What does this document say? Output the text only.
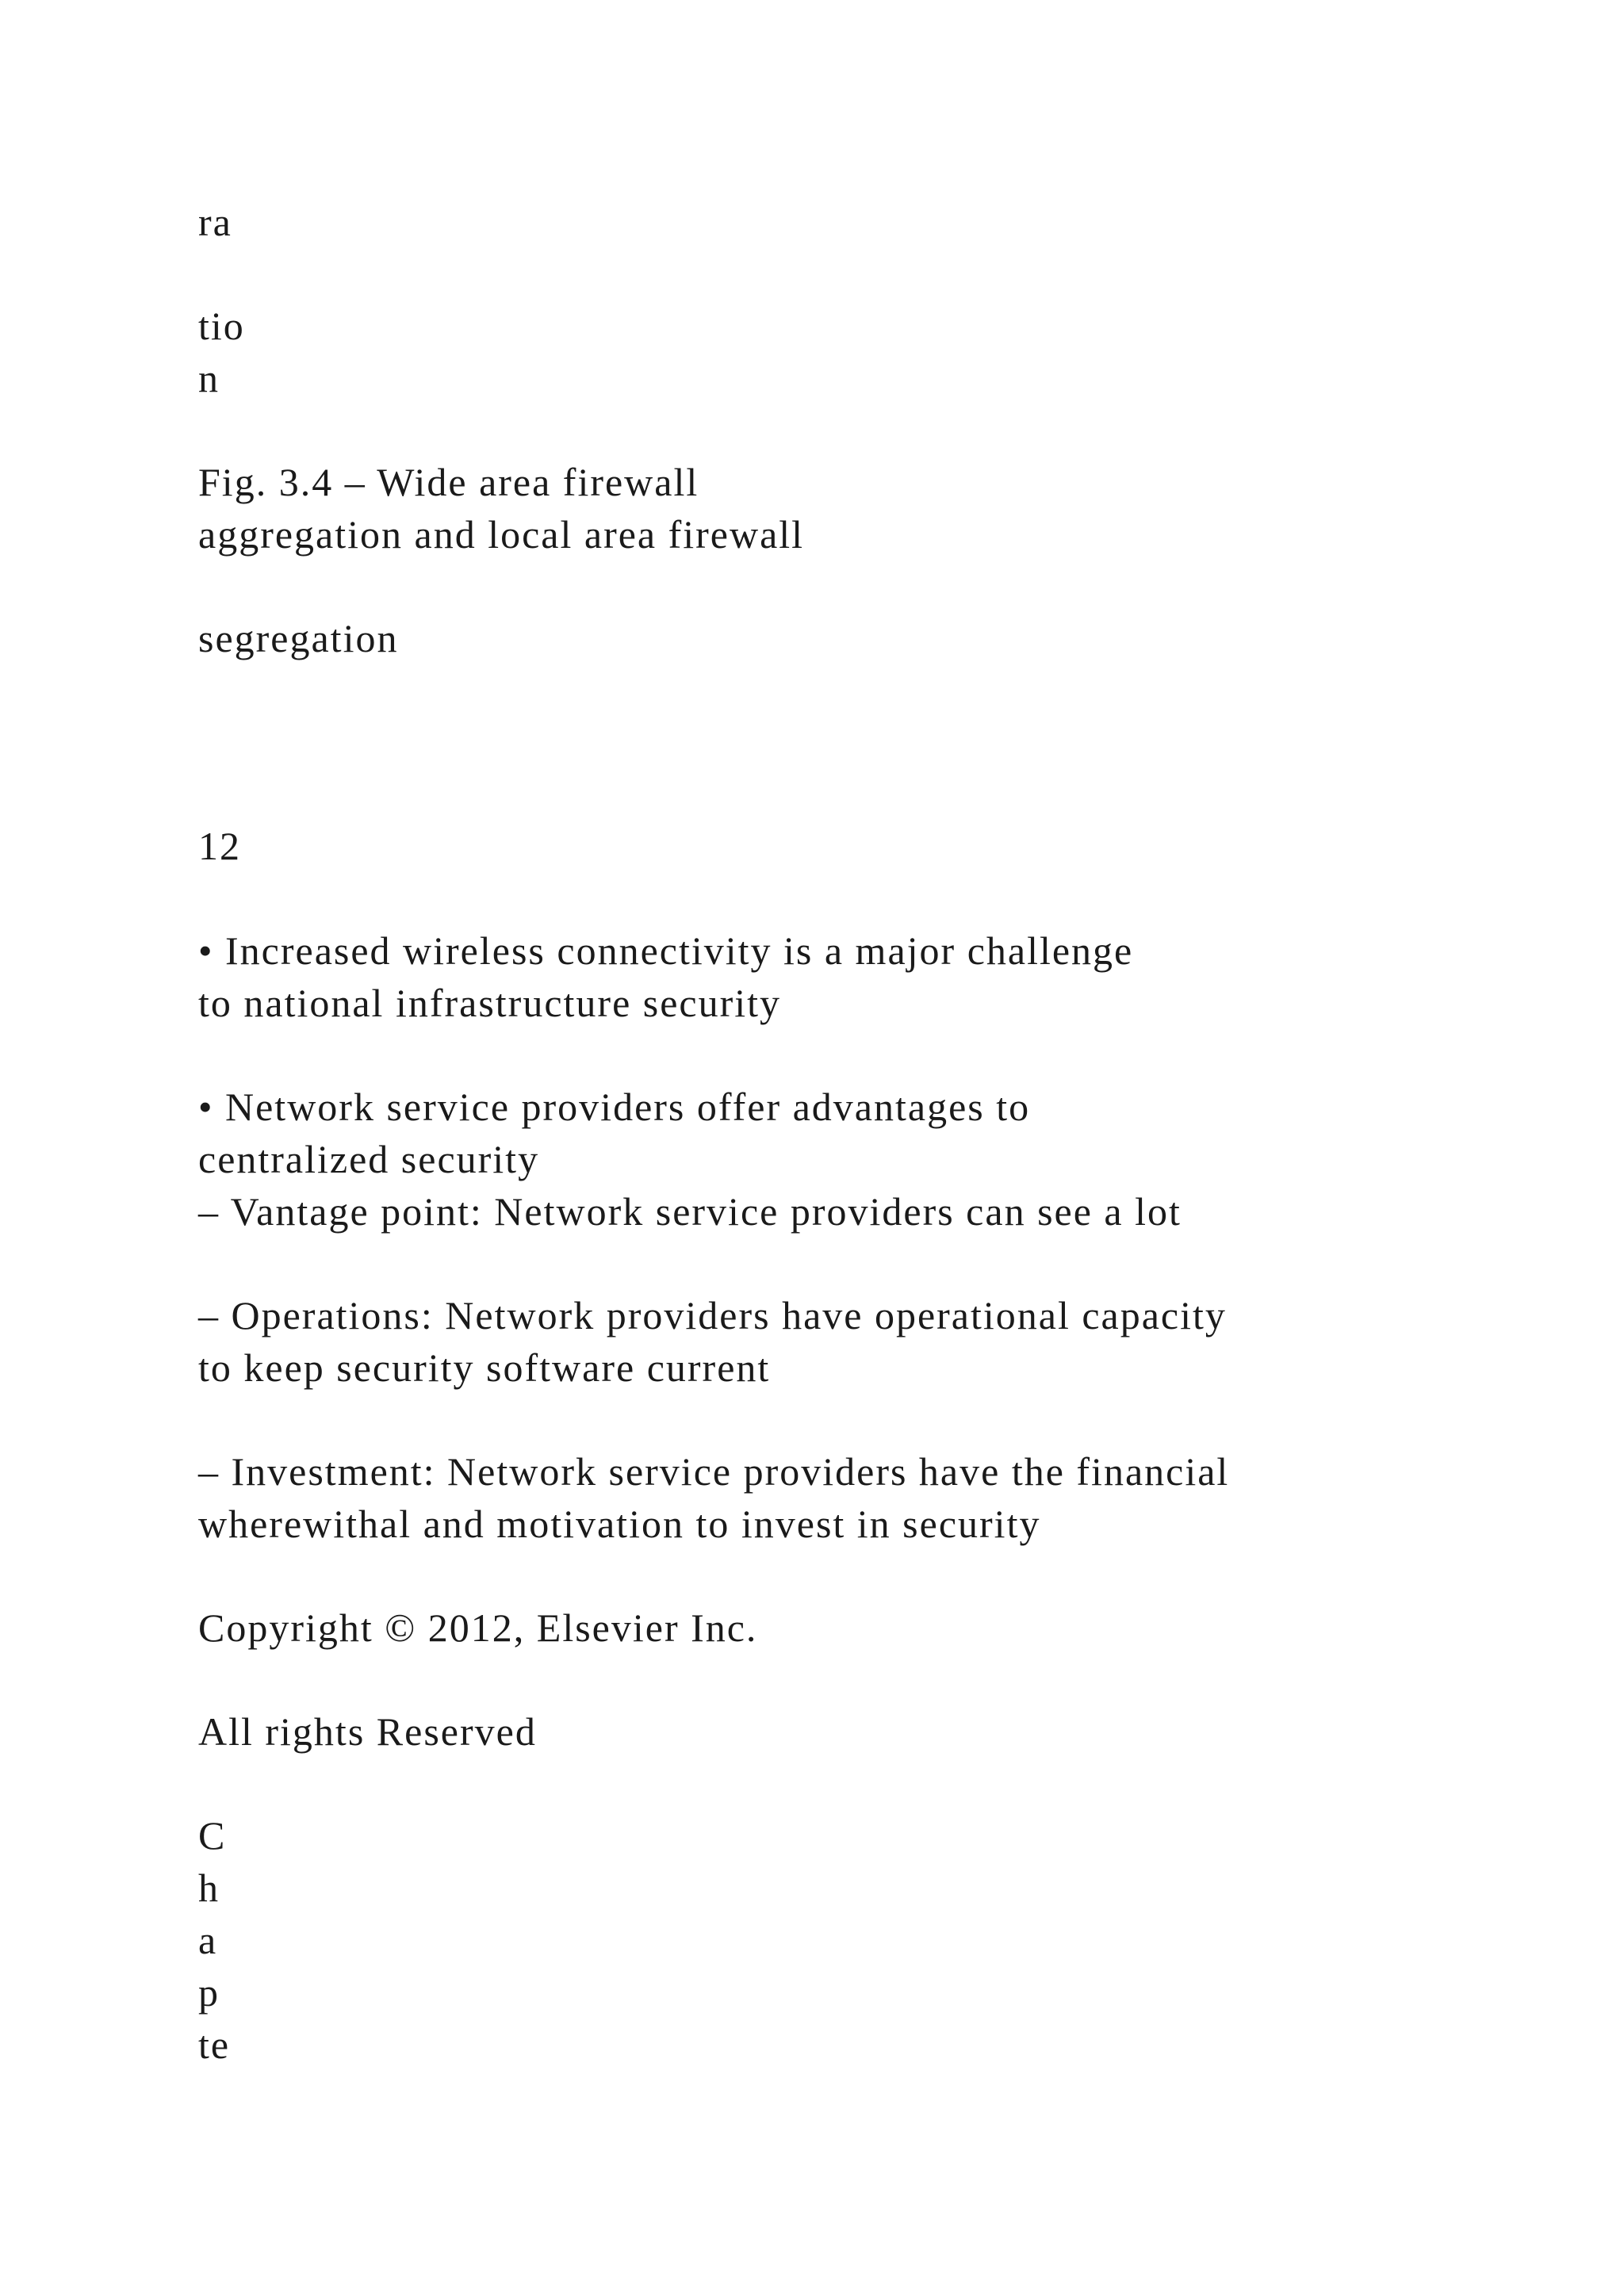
ra

tio

n

Fig. 3.4 – Wide area firewall

aggregation and local area firewall

segregation

12

• Increased wireless connectivity is a major challenge

to national infrastructure security

• Network service providers offer advantages to

centralized security

– Vantage point: Network service providers can see a lot

– Operations: Network providers have operational capacity

to keep security software current

– Investment: Network service providers have the financial

wherewithal and motivation to invest in security

Copyright © 2012, Elsevier Inc.

All rights Reserved

C

h

a

p

te
